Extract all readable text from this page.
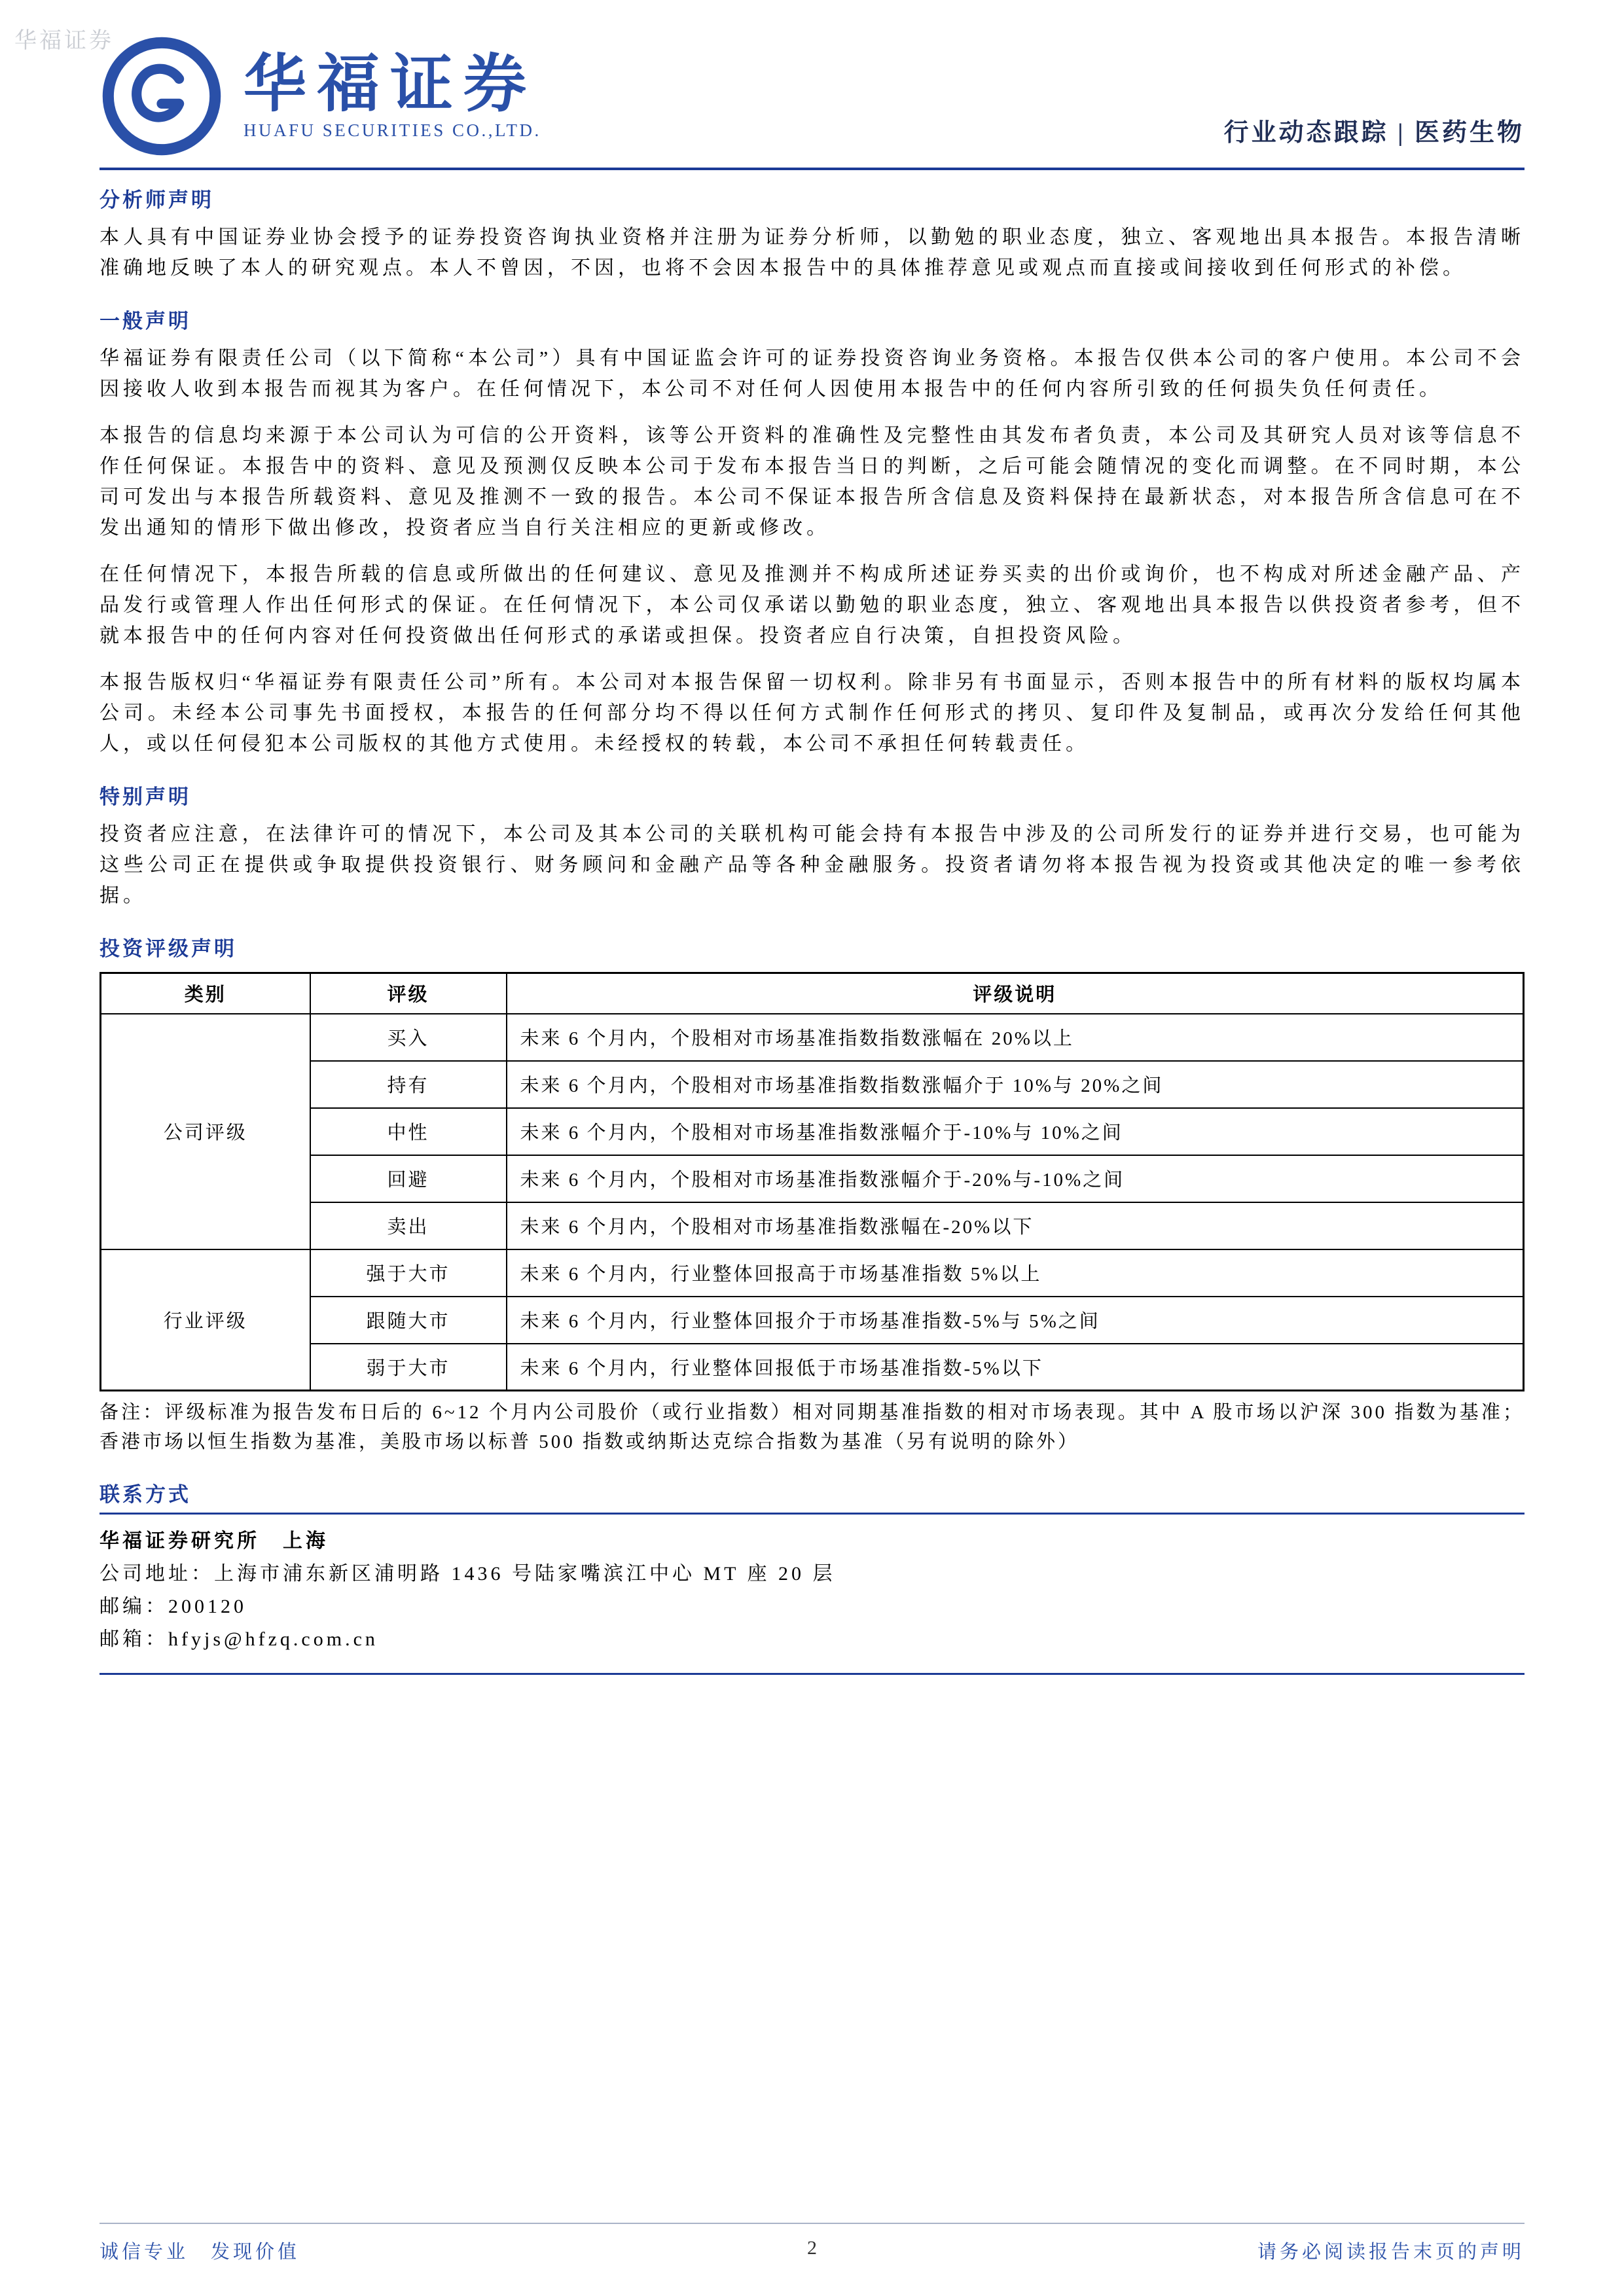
华福证券
华福证券
HUAFU SECURITIES CO.,LTD.	行业动态跟踪 | 医药生物
分析师声明

本人具有中国证券业协会授予的证券投资咨询执业资格并注册为证券分析师，以勤勉的职业态度，独立、客观地出具本报告。本报告清晰准确地反映了本人的研究观点。本人不曾因，不因，也将不会因本报告中的具体推荐意见或观点而直接或间接收到任何形式的补偿。

一般声明

华福证券有限责任公司（以下简称“本公司”）具有中国证监会许可的证券投资咨询业务资格。本报告仅供本公司的客户使用。本公司不会因接收人收到本报告而视其为客户。在任何情况下，本公司不对任何人因使用本报告中的任何内容所引致的任何损失负任何责任。

本报告的信息均来源于本公司认为可信的公开资料，该等公开资料的准确性及完整性由其发布者负责，本公司及其研究人员对该等信息不作任何保证。本报告中的资料、意见及预测仅反映本公司于发布本报告当日的判断，之后可能会随情况的变化而调整。在不同时期，本公司可发出与本报告所载资料、意见及推测不一致的报告。本公司不保证本报告所含信息及资料保持在最新状态，对本报告所含信息可在不发出通知的情形下做出修改，投资者应当自行关注相应的更新或修改。

在任何情况下，本报告所载的信息或所做出的任何建议、意见及推测并不构成所述证券买卖的出价或询价，也不构成对所述金融产品、产品发行或管理人作出任何形式的保证。在任何情况下，本公司仅承诺以勤勉的职业态度，独立、客观地出具本报告以供投资者参考，但不就本报告中的任何内容对任何投资做出任何形式的承诺或担保。投资者应自行决策，自担投资风险。

本报告版权归“华福证券有限责任公司”所有。本公司对本报告保留一切权利。除非另有书面显示，否则本报告中的所有材料的版权均属本公司。未经本公司事先书面授权，本报告的任何部分均不得以任何方式制作任何形式的拷贝、复印件及复制品，或再次分发给任何其他人，或以任何侵犯本公司版权的其他方式使用。未经授权的转载，本公司不承担任何转载责任。

特别声明

投资者应注意，在法律许可的情况下，本公司及其本公司的关联机构可能会持有本报告中涉及的公司所发行的证券并进行交易，也可能为这些公司正在提供或争取提供投资银行、财务顾问和金融产品等各种金融服务。投资者请勿将本报告视为投资或其他决定的唯一参考依据。

投资评级声明
类别	评级	评级说明
公司评级	买入	未来 6 个月内，个股相对市场基准指数指数涨幅在 20%以上
	持有	未来 6 个月内，个股相对市场基准指数指数涨幅介于 10%与 20%之间
	中性	未来 6 个月内，个股相对市场基准指数涨幅介于-10%与 10%之间
	回避	未来 6 个月内，个股相对市场基准指数涨幅介于-20%与-10%之间
	卖出	未来 6 个月内，个股相对市场基准指数涨幅在-20%以下
行业评级	强于大市	未来 6 个月内，行业整体回报高于市场基准指数 5%以上
	跟随大市	未来 6 个月内，行业整体回报介于市场基准指数-5%与 5%之间
	弱于大市	未来 6 个月内，行业整体回报低于市场基准指数-5%以下

备注：评级标准为报告发布日后的 6~12 个月内公司股价（或行业指数）相对同期基准指数的相对市场表现。其中 A 股市场以沪深 300 指数为基准；香港市场以恒生指数为基准，美股市场以标普 500 指数或纳斯达克综合指数为基准（另有说明的除外）

联系方式
华福证券研究所　上海
公司地址：上海市浦东新区浦明路 1436 号陆家嘴滨江中心 MT 座 20 层
邮编：200120
邮箱：hfyjs@hfzq.com.cn
诚信专业　发现价值	2	请务必阅读报告末页的声明
